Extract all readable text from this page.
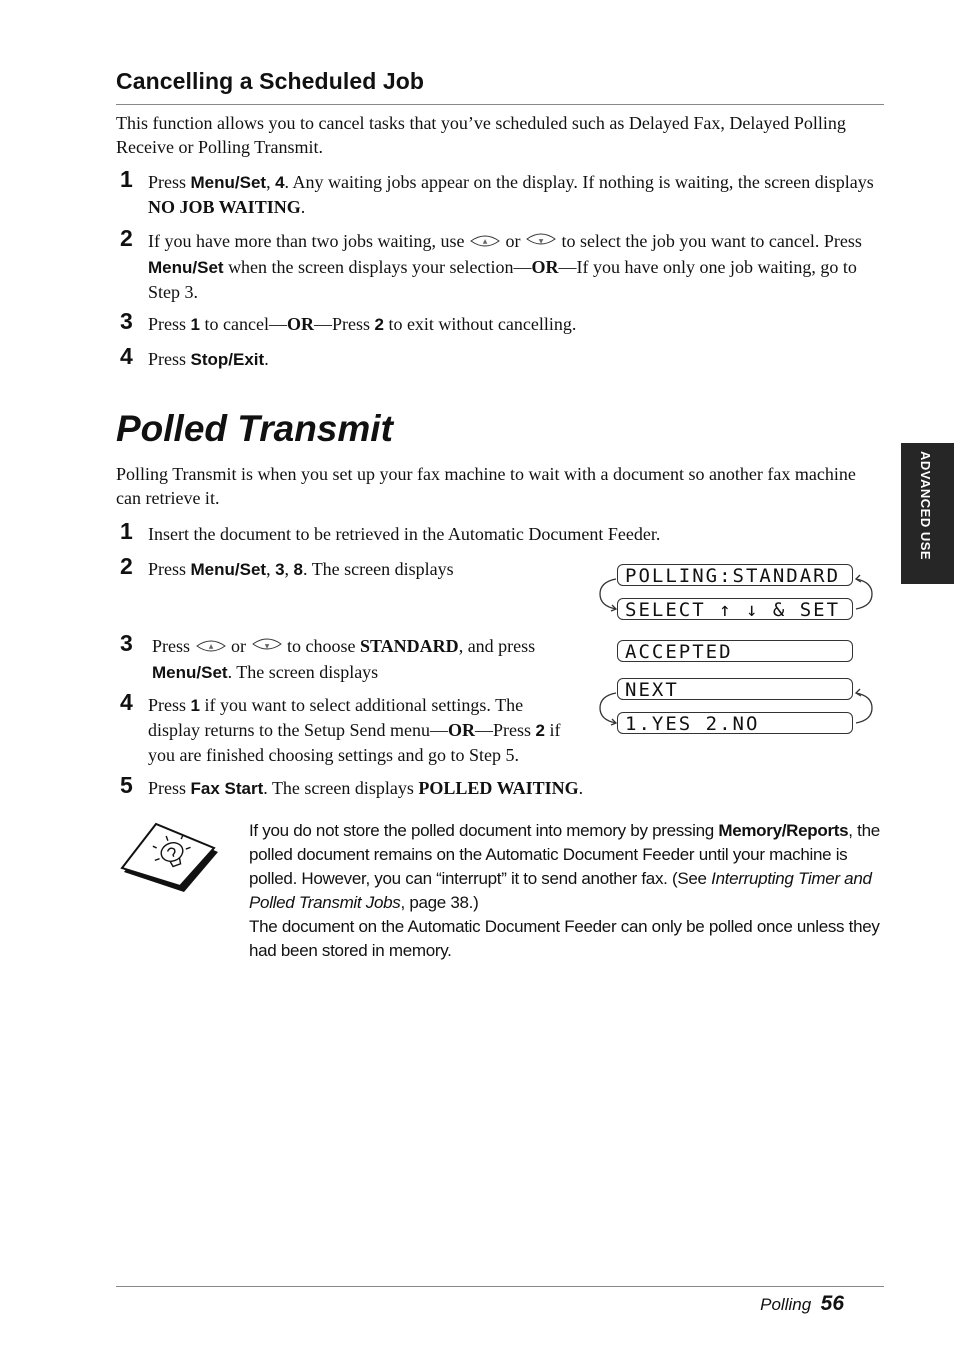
Cancelling a Scheduled Job
This function allows you to cancel tasks that you’ve scheduled such as Delayed Fax, Delayed Polling Receive or Polling Transmit.
1 Press Menu/Set, 4. Any waiting jobs appear on the display. If nothing is waiting, the screen displays NO JOB WAITING.
2 If you have more than two jobs waiting, use ▲ or ▼ to select the job you want to cancel. Press Menu/Set when the screen displays your selection—OR—If you have only one job waiting, go to Step 3.
3 Press 1 to cancel—OR—Press 2 to exit without cancelling.
4 Press Stop/Exit.
Polled Transmit
Polling Transmit is when you set up your fax machine to wait with a document so another fax machine can retrieve it.
1 Insert the document to be retrieved in the Automatic Document Feeder.
2 Press Menu/Set, 3, 8. The screen displays
3 Press ▲ or ▼ to choose STANDARD, and press Menu/Set. The screen displays
4 Press 1 if you want to select additional settings. The display returns to the Setup Send menu—OR—Press 2 if you are finished choosing settings and go to Step 5.
5 Press Fax Start. The screen displays POLLED WAITING.
POLLING:STANDARD
SELECT ↑ ↓ & SET
ACCEPTED
NEXT
1.YES 2.NO
If you do not store the polled document into memory by pressing Memory/Reports, the polled document remains on the Automatic Document Feeder until your machine is polled. However, you can “interrupt” it to send another fax. (See Interrupting Timer and Polled Transmit Jobs, page 38.)
The document on the Automatic Document Feeder can only be polled once unless they had been stored in memory.
ADVANCED USE
Polling 56
